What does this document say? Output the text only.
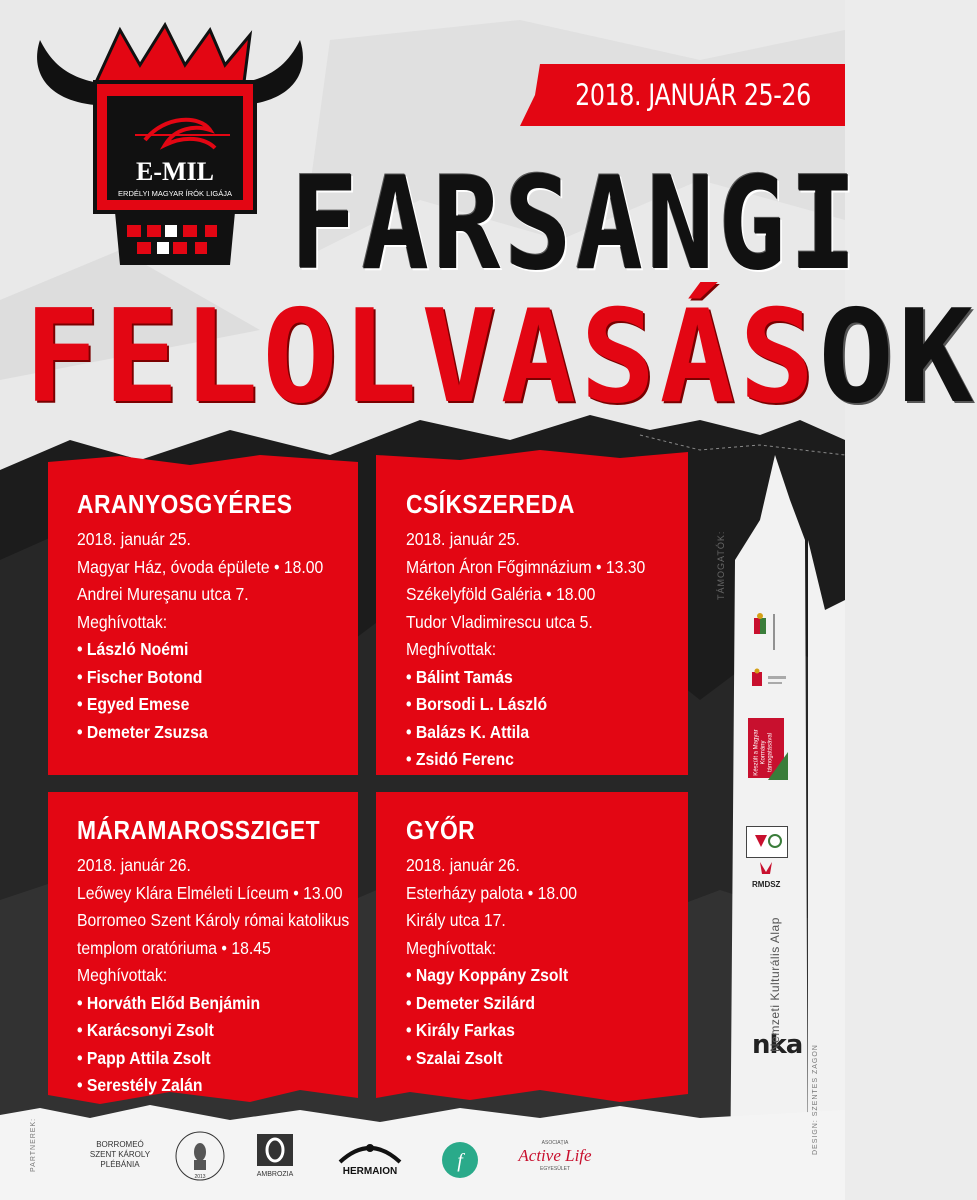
E-MIL
ERDÉLYI MAGYAR ÍRÓK LIGÁJA
2018. JANUÁR 25-26
FARSANGI
FELOLVASÁSOK
ARANYOSGYÉRES
2018. január 25.
Magyar Ház, óvoda épülete • 18.00
Andrei Mureşanu utca 7.
Meghívottak:
• László Noémi
• Fischer Botond
• Egyed Emese
• Demeter Zsuzsa
CSÍKSZEREDA
2018. január 25.
Márton Áron Főgimnázium • 13.30
Székelyföld Galéria • 18.00
Tudor Vladimirescu utca 5.
Meghívottak:
• Bálint Tamás
• Borsodi L. László
• Balázs K. Attila
• Zsidó Ferenc
MÁRAMAROSSZIGET
2018. január 26.
Leőwey Klára Elméleti Líceum • 13.00
Borromeo Szent Károly római katolikus
templom oratóriuma • 18.45
Meghívottak:
• Horváth Előd Benjámin
• Karácsonyi Zsolt
• Papp Attila Zsolt
• Serestély Zalán
GYŐR
2018. január 26.
Esterházy palota • 18.00
Király utca 17.
Meghívottak:
• Nagy Koppány Zsolt
• Demeter Szilárd
• Király Farkas
• Szalai Zsolt
TÁMOGATÓK:
Készült a Magyar Kormány támogatásával
RMDSZ
nka
Nemzeti Kulturális Alap
DESIGN: SZENTES ZAGON
PARTNEREK:	BORROMEÓ
SZENT KÁROLY
PLÉBÁNIA
2013	AMBROZIA	HERMAION	f
ASOCIAȚIA
Active Life
EGYESÜLET
